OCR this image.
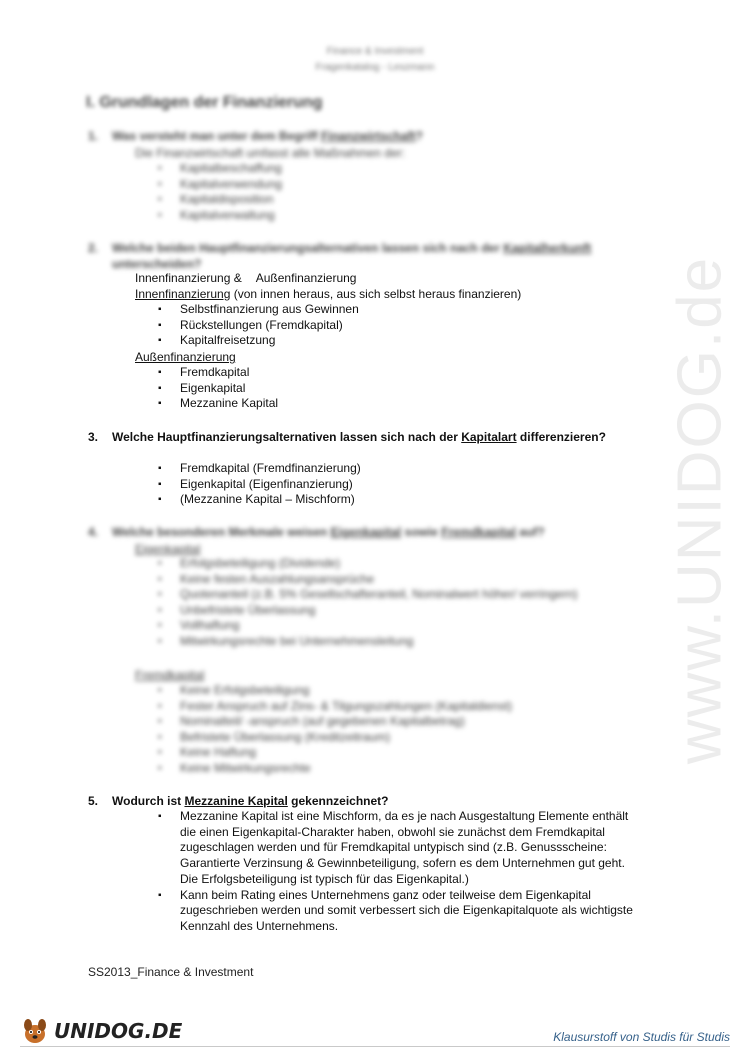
www.UNIDOG.de
Finance & Investment
Fragenkatalog - Leszmann
I. Grundlagen der Finanzierung
1.	Was versteht man unter dem Begriff Finanzwirtschaft?
Die Finanzwirtschaft umfasst alle Maßnahmen der:
▪ Kapitalbeschaffung
▪ Kapitalverwendung
▪ Kapitaldisposition
▪ Kapitalverwaltung
2.	Welche beiden Hauptfinanzierungsalternativen lassen sich nach der Kapitalherkunft unterscheiden?
Innenfinanzierung & Außenfinanzierung
Innenfinanzierung (von innen heraus, aus sich selbst heraus finanzieren)
▪ Selbstfinanzierung aus Gewinnen
▪ Rückstellungen (Fremdkapital)
▪ Kapitalfreisetzung
Außenfinanzierung
▪ Fremdkapital
▪ Eigenkapital
▪ Mezzanine Kapital
3.	Welche Hauptfinanzierungsalternativen lassen sich nach der Kapitalart differenzieren?
▪ Fremdkapital (Fremdfinanzierung)
▪ Eigenkapital (Eigenfinanzierung)
▪ (Mezzanine Kapital – Mischform)
4.	Welche besonderen Merkmale weisen Eigenkapital sowie Fremdkapital auf?
Eigenkapital
▪ Erfolgsbeteiligung (Dividende)
▪ Keine festen Auszahlungsansprüche
▪ Quotenanteil (z.B. 5% Gesellschafteranteil, Nominalwert höher/ verringern)
▪ Unbefristete Überlassung
▪ Vollhaftung
▪ Mitwirkungsrechte bei Unternehmensleitung
Fremdkapital
▪ Keine Erfolgsbeteiligung
▪ Fester Anspruch auf Zins- & Tilgungszahlungen (Kapitaldienst)
▪ Nominalteil/ -anspruch (auf gegebenen Kapitalbetrag)
▪ Befristete Überlassung (Kreditzeitraum)
▪ Keine Haftung
▪ Keine Mitwirkungsrechte
5.	Wodurch ist Mezzanine Kapital gekennzeichnet?
▪ Mezzanine Kapital ist eine Mischform, da es je nach Ausgestaltung Elemente enthält die einen Eigenkapital-Charakter haben, obwohl sie zunächst dem Fremdkapital zugeschlagen werden und für Fremdkapital untypisch sind (z.B. Genussscheine: Garantierte Verzinsung & Gewinnbeteiligung, sofern es dem Unternehmen gut geht. Die Erfolgsbeteiligung ist typisch für das Eigenkapital.)
▪ Kann beim Rating eines Unternehmens ganz oder teilweise dem Eigenkapital zugeschrieben werden und somit verbessert sich die Eigenkapitalquote als wichtigste Kennzahl des Unternehmens.
SS2013_Finance & Investment
UNIDOG.DE	Klausurstoff von Studis für Studis
